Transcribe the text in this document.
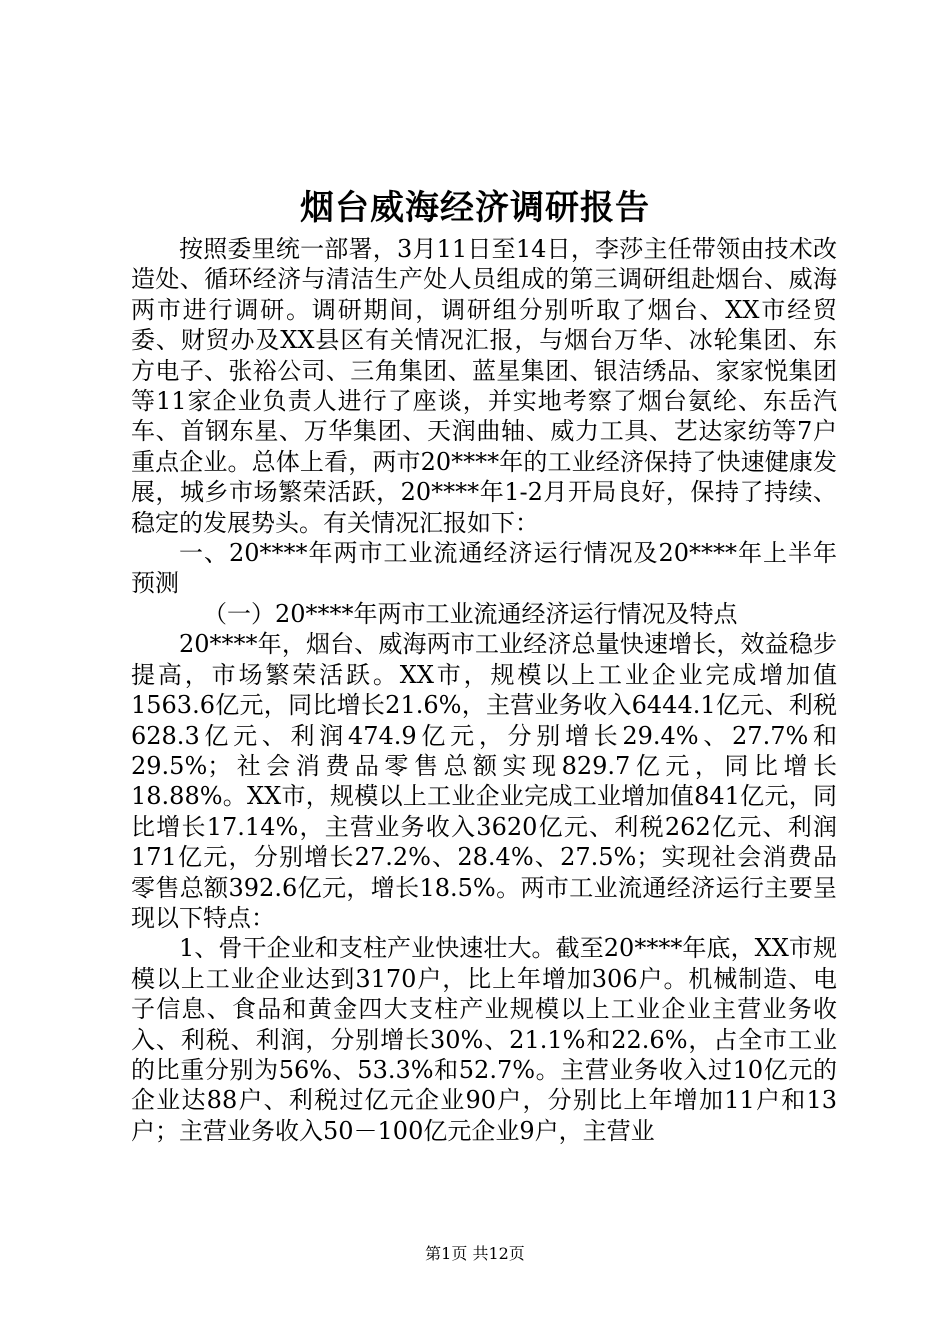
烟台威海经济调研报告

按照委里统一部署，3月11日至14日，李莎主任带领由技术改造处、循环经济与清洁生产处人员组成的第三调研组赴烟台、威海两市进行调研。调研期间，调研组分别听取了烟台、XX市经贸委、财贸办及XX县区有关情况汇报，与烟台万华、冰轮集团、东方电子、张裕公司、三角集团、蓝星集团、银洁绣品、家家悦集团等11家企业负责人进行了座谈，并实地考察了烟台氨纶、东岳汽车、首钢东星、万华集团、天润曲轴、威力工具、艺达家纺等7户重点企业。总体上看，两市20****年的工业经济保持了快速健康发展，城乡市场繁荣活跃，20****年1-2月开局良好，保持了持续、稳定的发展势头。有关情况汇报如下：

一、20****年两市工业流通经济运行情况及20****年上半年预测

（一）20****年两市工业流通经济运行情况及特点

20****年，烟台、威海两市工业经济总量快速增长，效益稳步提高，市场繁荣活跃。XX市，规模以上工业企业完成增加值1563.6亿元，同比增长21.6%，主营业务收入6444.1亿元、利税628.3亿元、利润474.9亿元，分别增长29.4%、27.7%和29.5%；社会消费品零售总额实现829.7亿元，同比增长18.88%。XX市，规模以上工业企业完成工业增加值841亿元，同比增长17.14%，主营业务收入3620亿元、利税262亿元、利润171亿元，分别增长27.2%、28.4%、27.5%；实现社会消费品零售总额392.6亿元，增长18.5%。两市工业流通经济运行主要呈现以下特点：

1、骨干企业和支柱产业快速壮大。截至20****年底，XX市规模以上工业企业达到3170户，比上年增加306户。机械制造、电子信息、食品和黄金四大支柱产业规模以上工业企业主营业务收入、利税、利润，分别增长30%、21.1%和22.6%，占全市工业的比重分别为56%、53.3%和52.7%。主营业务收入过10亿元的企业达88户、利税过亿元企业90户，分别比上年增加11户和13户；主营业务收入50－100亿元企业9户，主营业

第1页 共12页
